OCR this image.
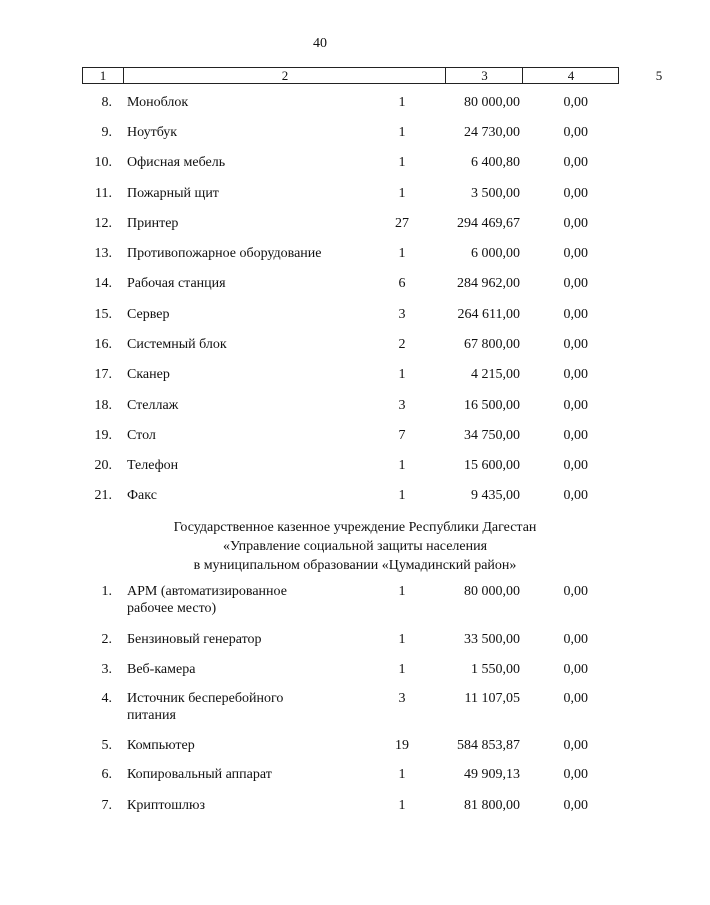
40
1	2	3	4	5
8. Моноблок	1	80 000,00	0,00
9. Ноутбук	1	24 730,00	0,00
10. Офисная мебель	1	6 400,80	0,00
11. Пожарный щит	1	3 500,00	0,00
12. Принтер	27	294 469,67	0,00
13. Противопожарное оборудование	1	6 000,00	0,00
14. Рабочая станция	6	284 962,00	0,00
15. Сервер	3	264 611,00	0,00
16. Системный блок	2	67 800,00	0,00
17. Сканер	1	4 215,00	0,00
18. Стеллаж	3	16 500,00	0,00
19. Стол	7	34 750,00	0,00
20. Телефон	1	15 600,00	0,00
21. Факс	1	9 435,00	0,00
Государственное казенное учреждение Республики Дагестан
«Управление социальной защиты населения
в муниципальном образовании «Цумадинский район»
1. АРМ (автоматизированное
рабочее место)
1	80 000,00	0,00
2. Бензиновый генератор	1	33 500,00	0,00
3. Веб-камера	1	1 550,00	0,00
4. Источник бесперебойного
питания
3	11 107,05	0,00
5. Компьютер	19	584 853,87	0,00
6. Копировальный аппарат	1	49 909,13	0,00
7. Криптошлюз	1	81 800,00	0,00
